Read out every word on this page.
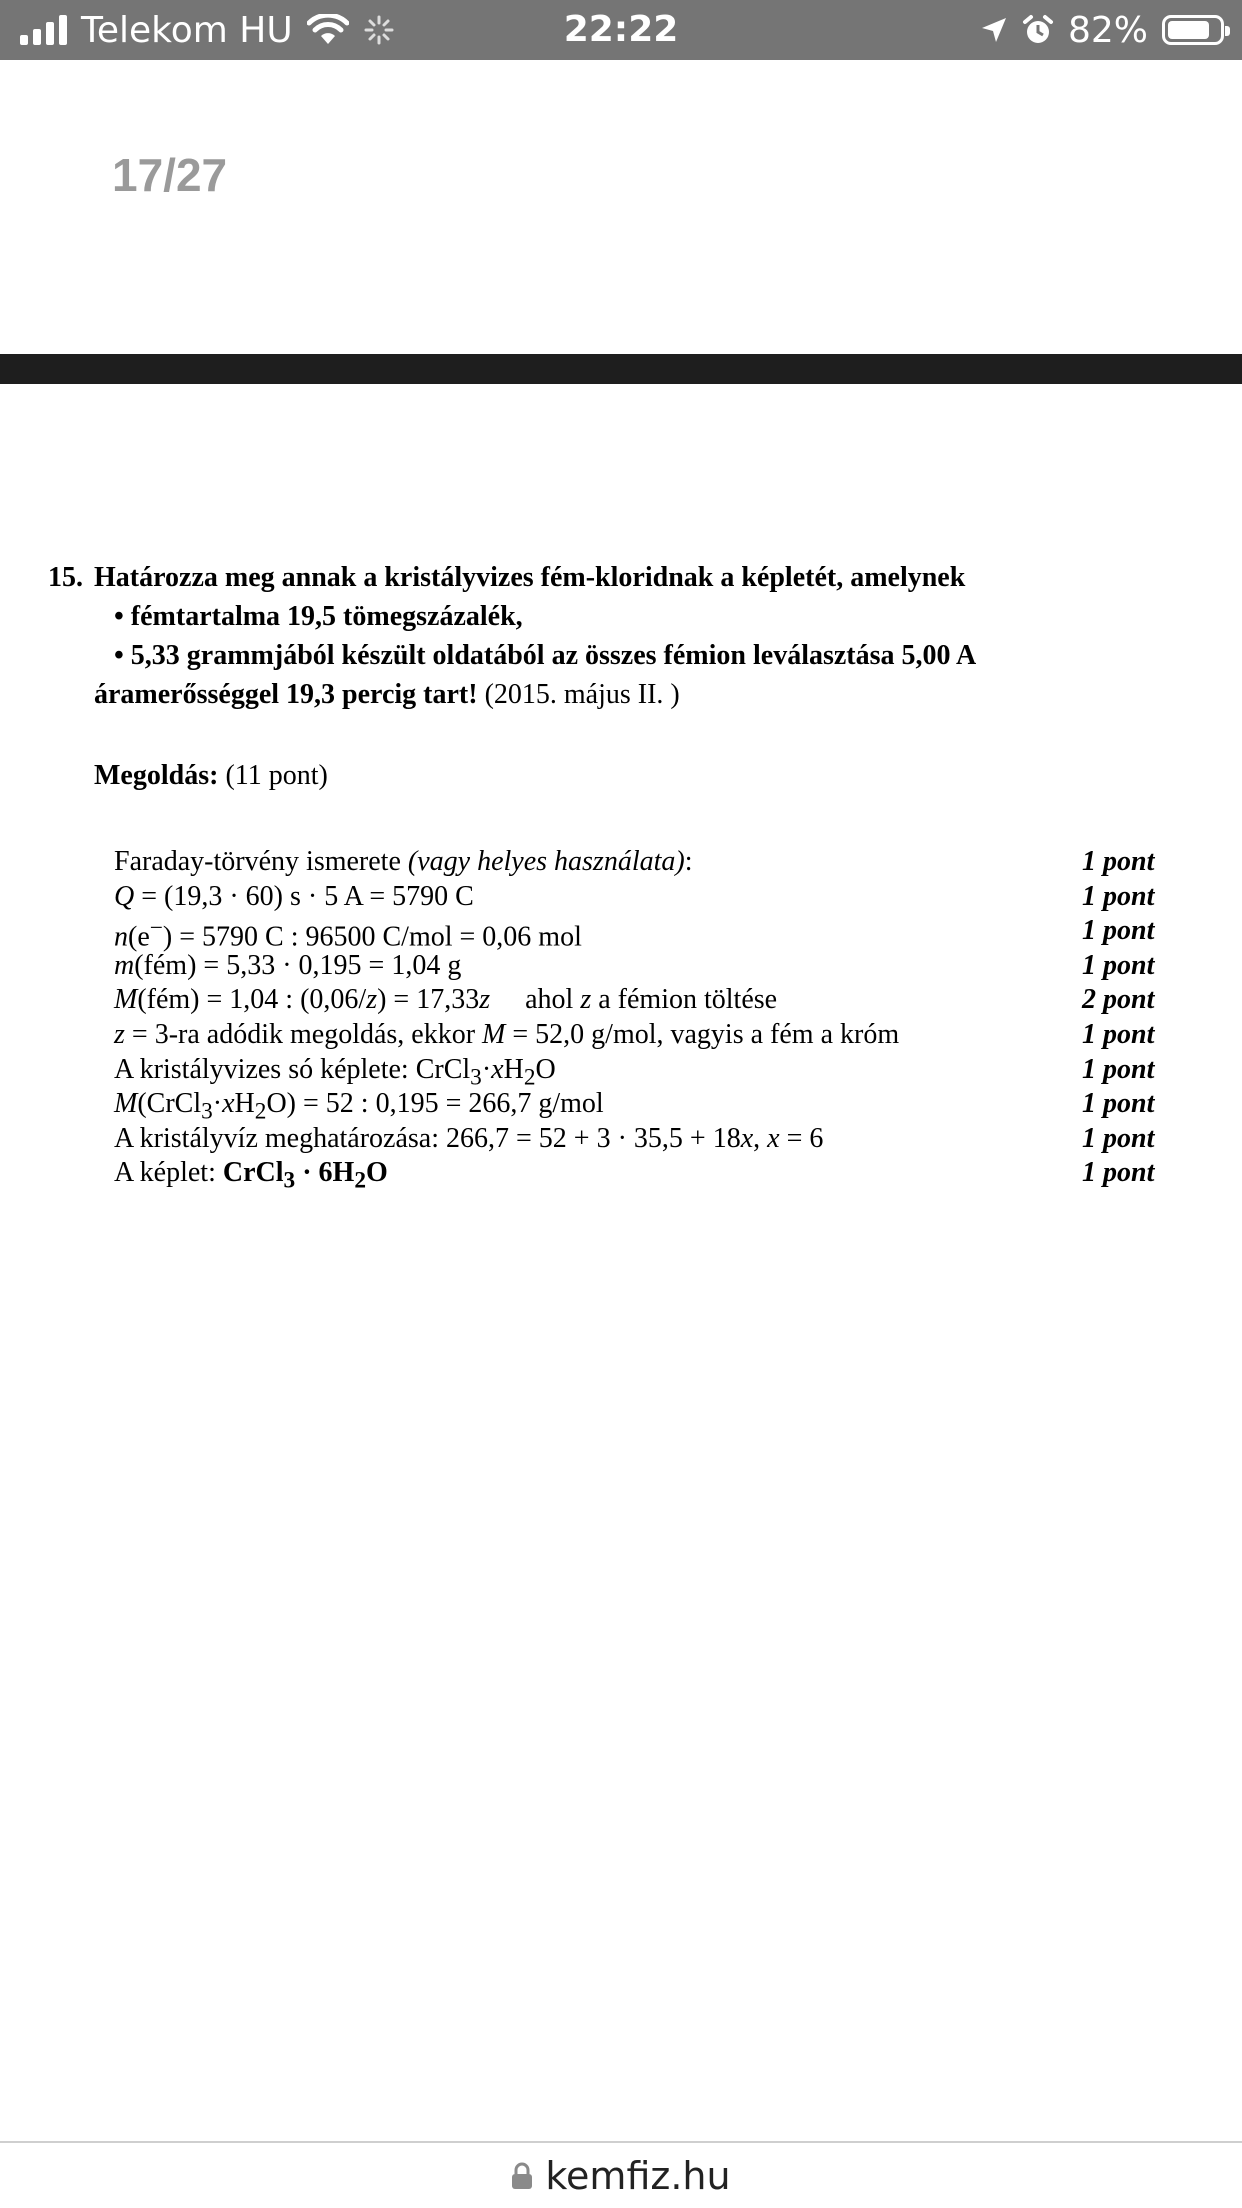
Telekom HU	22:22	82%
17/27
15. Határozza meg annak a kristályvizes fém-kloridnak a képletét, amelynek
• fémtartalma 19,5 tömegszázalék,
• 5,33 grammjából készült oldatából az összes fémion leválasztása 5,00 A
áramerősséggel 19,3 percig tart! (2015. május II. )
Megoldás: (11 pont)
Faraday-törvény ismerete (vagy helyes használata):	1 pont
Q = (19,3 · 60) s · 5 A = 5790 C	1 pont
n(e−) = 5790 C : 96500 C/mol = 0,06 mol	1 pont
m(fém) = 5,33 · 0,195 = 1,04 g	1 pont
M(fém) = 1,04 : (0,06/z) = 17,33z     ahol z a fémion töltése	2 pont
z = 3-ra adódik megoldás, ekkor M = 52,0 g/mol, vagyis a fém a króm	1 pont
A kristályvizes só képlete: $CrCl_3\cdot xH_2O$	1 pont
$M(CrCl_3\cdot xH_2O) = 52$ : 0,195 = 266,7 g/mol	1 pont
A kristályvíz meghatározása: 266,7 = 52 + 3 · 35,5 + 18x, x = 6	1 pont
A képlet: CrCl$_3$ · $6H_2O$	1 pont
kemfiz.hu
